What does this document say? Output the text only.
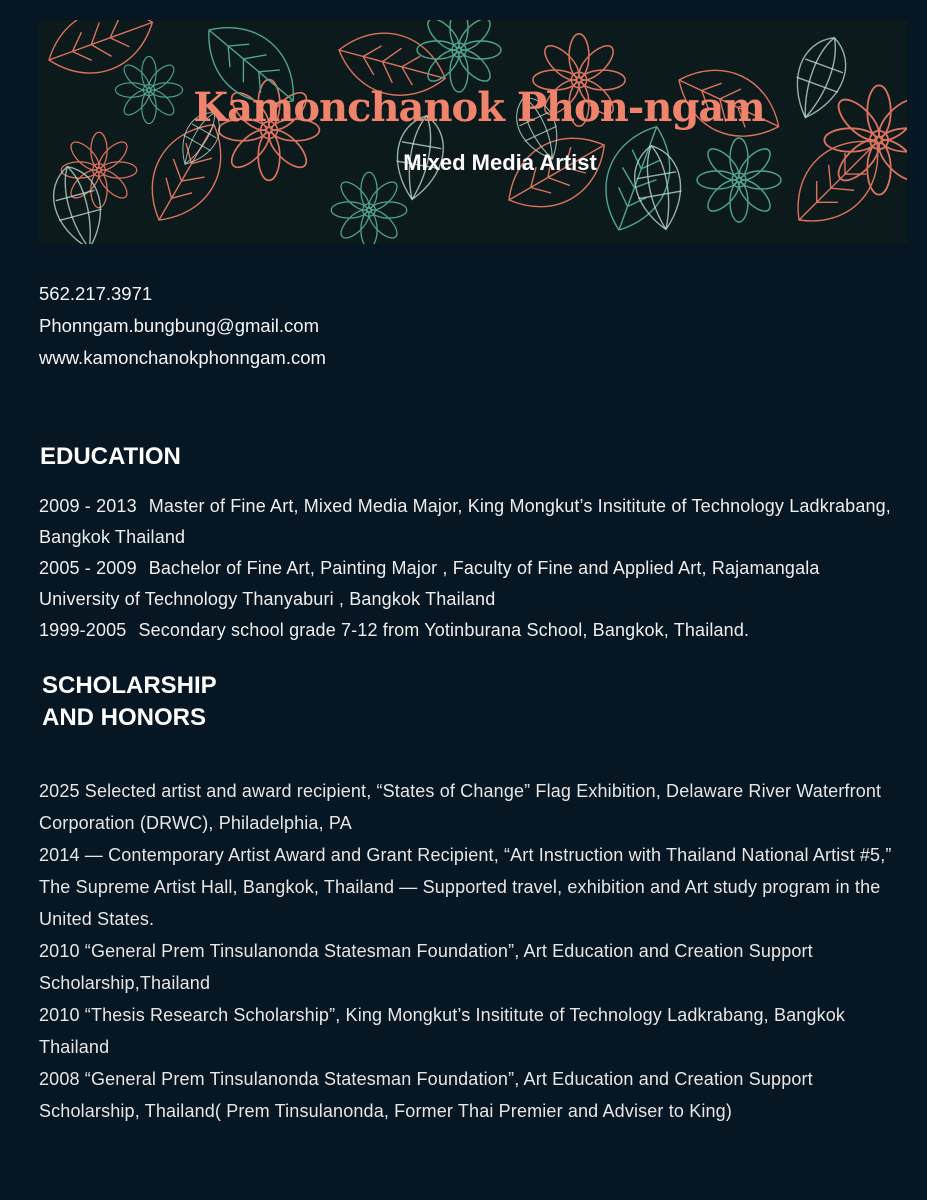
Kamonchanok Phon-ngam
Mixed Media Artist
562.217.3971
Phonngam.bungbung@gmail.com
www.kamonchanokphonngam.com
EDUCATION

2009 - 2013 Master of Fine Art, Mixed Media Major, King Mongkut’s Insititute of Technology Ladkrabang, Bangkok Thailand

2005 - 2009 Bachelor of Fine Art, Painting Major , Faculty of Fine and Applied Art, Rajamangala University of Technology Thanyaburi , Bangkok Thailand

1999-2005 Secondary school grade 7-12 from Yotinburana School, Bangkok, Thailand.

SCHOLARSHIP
AND HONORS

2025 Selected artist and award recipient, “States of Change” Flag Exhibition, Delaware River Waterfront Corporation (DRWC), Philadelphia, PA

2014 — Contemporary Artist Award and Grant Recipient, “Art Instruction with Thailand National Artist #5,” The Supreme Artist Hall, Bangkok, Thailand — Supported travel, exhibition and Art study program in the United States.

2010 “General Prem Tinsulanonda Statesman Foundation”, Art Education and Creation Support Scholarship,Thailand

2010 “Thesis Research Scholarship”, King Mongkut’s Insititute of Technology Ladkrabang, Bangkok Thailand

2008 “General Prem Tinsulanonda Statesman Foundation”, Art Education and Creation Support Scholarship, Thailand( Prem Tinsulanonda, Former Thai Premier and Adviser to King)
